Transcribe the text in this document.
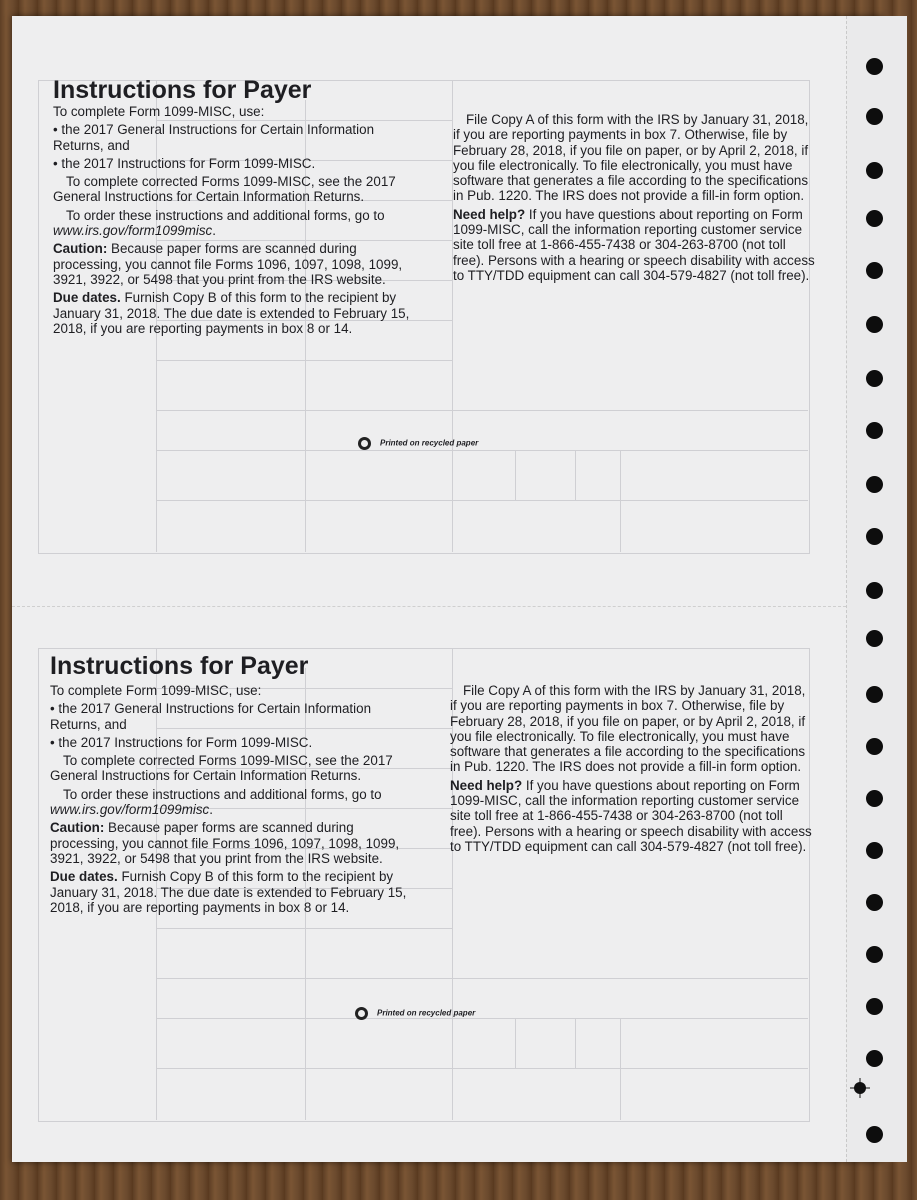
Instructions for Payer

To complete Form 1099-MISC, use:

• the 2017 General Instructions for Certain Information Returns, and

• the 2017 Instructions for Form 1099-MISC.

To complete corrected Forms 1099-MISC, see the 2017 General Instructions for Certain Information Returns.

To order these instructions and additional forms, go to www.irs.gov/form1099misc.

Caution: Because paper forms are scanned during processing, you cannot file Forms 1096, 1097, 1098, 1099, 3921, 3922, or 5498 that you print from the IRS website.

Due dates. Furnish Copy B of this form to the recipient by January 31, 2018. The due date is extended to February 15, 2018, if you are reporting payments in box 8 or 14.

File Copy A of this form with the IRS by January 31, 2018, if you are reporting payments in box 7. Otherwise, file by February 28, 2018, if you file on paper, or by April 2, 2018, if you file electronically. To file electronically, you must have software that generates a file according to the specifications in Pub. 1220. The IRS does not provide a fill-in form option.

Need help? If you have questions about reporting on Form 1099-MISC, call the information reporting customer service site toll free at 1-866-455-7438 or 304-263-8700 (not toll free). Persons with a hearing or speech disability with access to TTY/TDD equipment can call 304-579-4827 (not toll free).

Printed on recycled paper
Instructions for Payer

To complete Form 1099-MISC, use:

• the 2017 General Instructions for Certain Information Returns, and

• the 2017 Instructions for Form 1099-MISC.

To complete corrected Forms 1099-MISC, see the 2017 General Instructions for Certain Information Returns.

To order these instructions and additional forms, go to www.irs.gov/form1099misc.

Caution: Because paper forms are scanned during processing, you cannot file Forms 1096, 1097, 1098, 1099, 3921, 3922, or 5498 that you print from the IRS website.

Due dates. Furnish Copy B of this form to the recipient by January 31, 2018. The due date is extended to February 15, 2018, if you are reporting payments in box 8 or 14.

File Copy A of this form with the IRS by January 31, 2018, if you are reporting payments in box 7. Otherwise, file by February 28, 2018, if you file on paper, or by April 2, 2018, if you file electronically. To file electronically, you must have software that generates a file according to the specifications in Pub. 1220. The IRS does not provide a fill-in form option.

Need help? If you have questions about reporting on Form 1099-MISC, call the information reporting customer service site toll free at 1-866-455-7438 or 304-263-8700 (not toll free). Persons with a hearing or speech disability with access to TTY/TDD equipment can call 304-579-4827 (not toll free).

Printed on recycled paper
